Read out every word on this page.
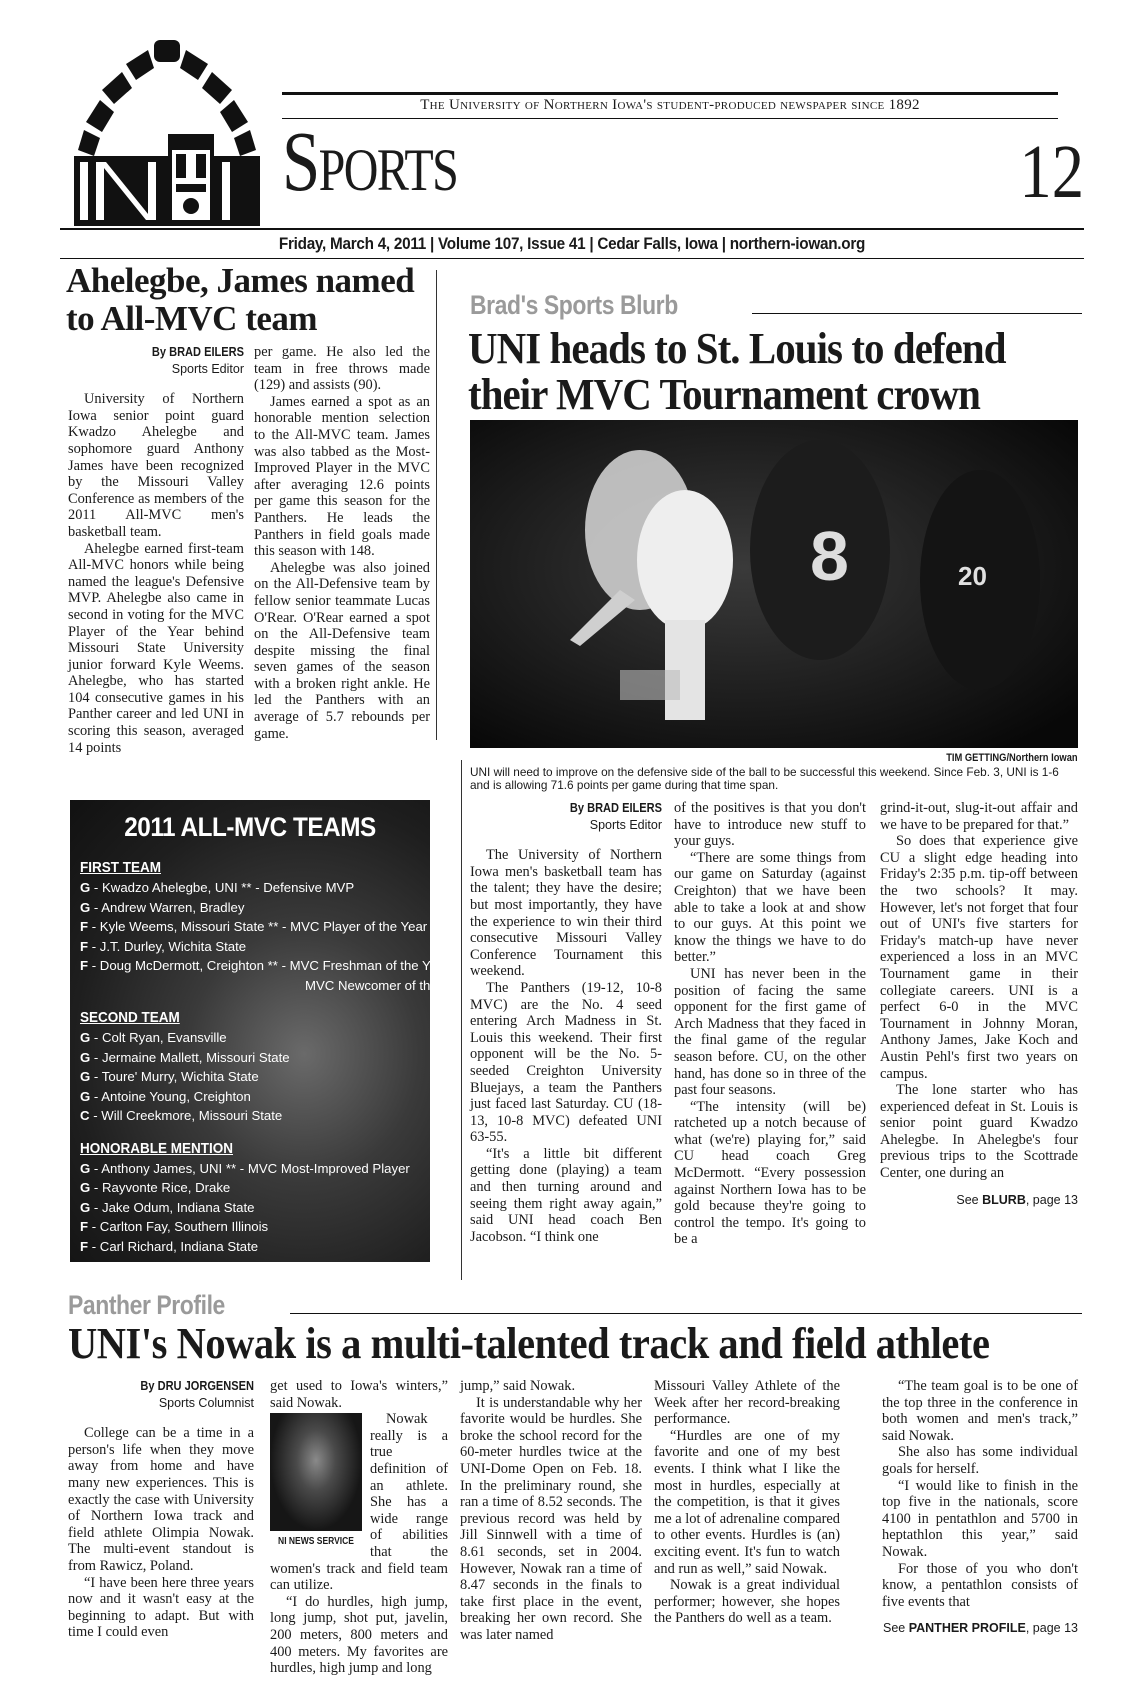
The University of Northern Iowa's student-produced newspaper since 1892
Sports	12
Friday, March 4, 2011 | Volume 107, Issue 41 | Cedar Falls, Iowa | northern-iowan.org
Ahelegbe, James named to All-MVC team
By BRAD EILERS
Sports Editor

University of Northern Iowa senior point guard Kwadzo Ahelegbe and sophomore guard Anthony James have been recognized by the Missouri Valley Conference as members of the 2011 All-MVC men's basketball team.

Ahelegbe earned first-team All-MVC honors while being named the league's Defensive MVP. Ahelegbe also came in second in voting for the MVC Player of the Year behind Missouri State University junior forward Kyle Weems. Ahelegbe, who has started 104 consecutive games in his Panther career and led UNI in scoring this season, averaged 14 points

per game. He also led the team in free throws made (129) and assists (90).

James earned a spot as an honorable mention selection to the All-MVC team. James was also tabbed as the Most-Improved Player in the MVC after averaging 12.6 points per game this season for the Panthers. He leads the Panthers in field goals made this season with 148.

Ahelegbe was also joined on the All-Defensive team by fellow senior teammate Lucas O'Rear. O'Rear earned a spot on the All-Defensive team despite missing the final seven games of the season with a broken right ankle. He led the Panthers with an average of 5.7 rebounds per game.

2011 ALL-MVC TEAMS
FIRST TEAM
G - Kwadzo Ahelegbe, UNI ** - Defensive MVP
G - Andrew Warren, Bradley
F - Kyle Weems, Missouri State ** - MVC Player of the Year
F - J.T. Durley, Wichita State
F - Doug McDermott, Creighton ** - MVC Freshman of the Year/
MVC Newcomer of the Year
SECOND TEAM
G - Colt Ryan, Evansville
G - Jermaine Mallett, Missouri State
G - Toure' Murry, Wichita State
G - Antoine Young, Creighton
C - Will Creekmore, Missouri State
HONORABLE MENTION
G - Anthony James, UNI ** - MVC Most-Improved Player
G - Rayvonte Rice, Drake
G - Jake Odum, Indiana State
F - Carlton Fay, Southern Illinois
F - Carl Richard, Indiana State
Brad's Sports Blurb
UNI heads to St. Louis to defend their MVC Tournament crown
8	20
TIM GETTING/Northern Iowan
UNI will need to improve on the defensive side of the ball to be successful this weekend. Since Feb. 3, UNI is 1-6 and is allowing 71.6 points per game during that time span.
By BRAD EILERS
Sports Editor

The University of Northern Iowa men's basketball team has the talent; they have the desire; but most importantly, they have the experience to win their third consecutive Missouri Valley Conference Tournament this weekend.

The Panthers (19-12, 10-8 MVC) are the No. 4 seed entering Arch Madness in St. Louis this weekend. Their first opponent will be the No. 5-seeded Creighton University Bluejays, a team the Panthers just faced last Saturday. CU (18-13, 10-8 MVC) defeated UNI 63-55.

“It's a little bit different getting done (playing) a team and then turning around and seeing them right away again,” said UNI head coach Ben Jacobson. “I think one

of the positives is that you don't have to introduce new stuff to your guys.

“There are some things from our game on Saturday (against Creighton) that we have been able to take a look at and show to our guys. At this point we know the things we have to do better.”

UNI has never been in the position of facing the same opponent for the first game of Arch Madness that they faced in the final game of the regular season before. CU, on the other hand, has done so in three of the past four seasons.

“The intensity (will be) ratcheted up a notch because of what (we're) playing for,” said CU head coach Greg McDermott. “Every possession against Northern Iowa has to be gold because they're going to control the tempo. It's going to be a

grind-it-out, slug-it-out affair and we have to be prepared for that.”

So does that experience give CU a slight edge heading into Friday's 2:35 p.m. tip-off between the two schools? It may. However, let's not forget that four out of UNI's five starters for Friday's match-up have never experienced a loss in an MVC Tournament game in their collegiate careers. UNI is a perfect 6-0 in the MVC Tournament in Johnny Moran, Anthony James, Jake Koch and Austin Pehl's first two years on campus.

The lone starter who has experienced defeat in St. Louis is senior point guard Kwadzo Ahelegbe. In Ahelegbe's four previous trips to the Scottrade Center, one during an

See BLURB, page 13
Panther Profile
UNI's Nowak is a multi-talented track and field athlete
By DRU JORGENSEN
Sports Columnist

College can be a time in a person's life when they move away from home and have many new experiences. This is exactly the case with University of Northern Iowa track and field athlete Olimpia Nowak. The multi-event standout is from Rawicz, Poland.

“I have been here three years now and it wasn't easy at the beginning to adapt. But with time I could even

get used to Iowa's winters,” said Nowak.

NI NEWS SERVICE

Nowak really is a true definition of an athlete. She has a wide range of abilities that the women's track and field team can utilize.

“I do hurdles, high jump, long jump, shot put, javelin, 200 meters, 800 meters and 400 meters. My favorites are hurdles, high jump and long

jump,” said Nowak.

It is understandable why her favorite would be hurdles. She broke the school record for the 60-meter hurdles twice at the UNI-Dome Open on Feb. 18. In the preliminary round, she ran a time of 8.52 seconds. The previous record was held by Jill Sinnwell with a time of 8.61 seconds, set in 2004. However, Nowak ran a time of 8.47 seconds in the finals to take first place in the event, breaking her own record. She was later named

Missouri Valley Athlete of the Week after her record-breaking performance.

“Hurdles are one of my favorite and one of my best events. I think what I like the most in hurdles, especially at the competition, is that it gives me a lot of adrenaline compared to other events. Hurdles is (an) exciting event. It's fun to watch and run as well,” said Nowak.

Nowak is a great individual performer; however, she hopes the Panthers do well as a team.

“The team goal is to be one of the top three in the conference in both women and men's track,” said Nowak.

She also has some individual goals for herself.

“I would like to finish in the top five in the nationals, score 4100 in pentathlon and 5700 in heptathlon this year,” said Nowak.

For those of you who don't know, a pentathlon consists of five events that

See PANTHER PROFILE, page 13
